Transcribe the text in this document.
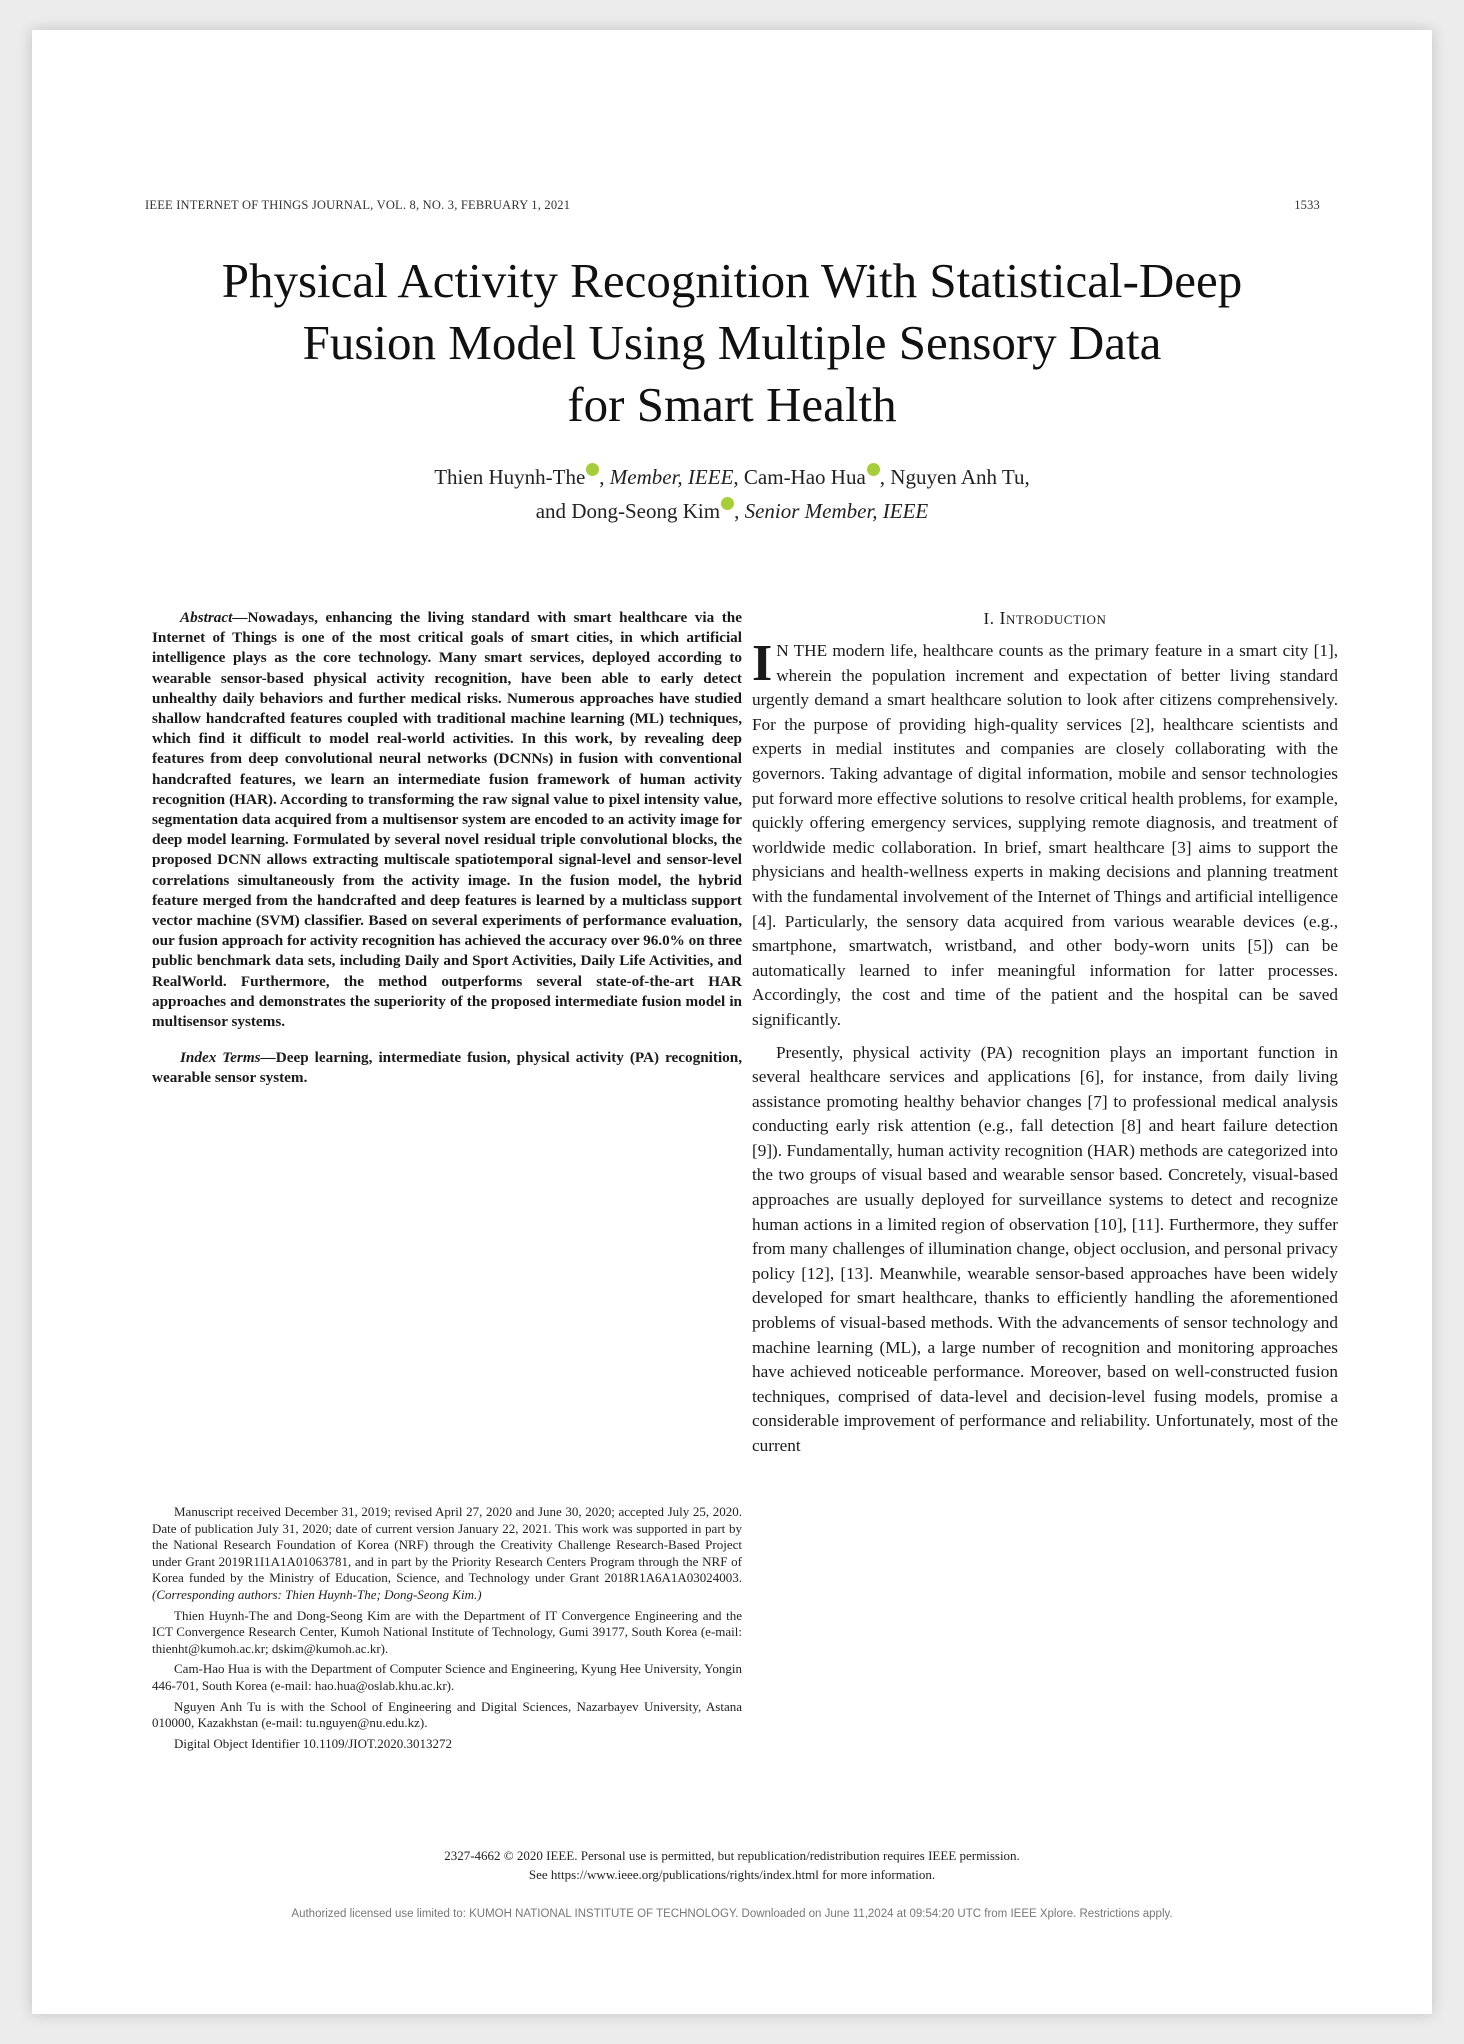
IEEE INTERNET OF THINGS JOURNAL, VOL. 8, NO. 3, FEBRUARY 1, 2021	1533
Physical Activity Recognition With Statistical-Deep
Fusion Model Using Multiple Sensory Data
for Smart Health
Thien Huynh-The , Member, IEEE, Cam-Hao Hua , Nguyen Anh Tu,
and Dong-Seong Kim , Senior Member, IEEE

Abstract—Nowadays, enhancing the living standard with smart healthcare via the Internet of Things is one of the most critical goals of smart cities, in which artificial intelligence plays as the core technology. Many smart services, deployed according to wearable sensor-based physical activity recognition, have been able to early detect unhealthy daily behaviors and further medical risks. Numerous approaches have studied shallow handcrafted features coupled with traditional machine learning (ML) techniques, which find it difficult to model real-world activities. In this work, by revealing deep features from deep convolutional neural networks (DCNNs) in fusion with conventional handcrafted features, we learn an intermediate fusion framework of human activity recognition (HAR). According to transforming the raw signal value to pixel intensity value, segmentation data acquired from a multisensor system are encoded to an activity image for deep model learning. Formulated by several novel residual triple convolutional blocks, the proposed DCNN allows extracting multiscale spatiotemporal signal-level and sensor-level correlations simultaneously from the activity image. In the fusion model, the hybrid feature merged from the handcrafted and deep features is learned by a multiclass support vector machine (SVM) classifier. Based on several experiments of performance evaluation, our fusion approach for activity recognition has achieved the accuracy over 96.0% on three public benchmark data sets, including Daily and Sport Activities, Daily Life Activities, and RealWorld. Furthermore, the method outperforms several state-of-the-art HAR approaches and demonstrates the superiority of the proposed intermediate fusion model in multisensor systems.

Index Terms—Deep learning, intermediate fusion, physical activity (PA) recognition, wearable sensor system.

Manuscript received December 31, 2019; revised April 27, 2020 and June 30, 2020; accepted July 25, 2020. Date of publication July 31, 2020; date of current version January 22, 2021. This work was supported in part by the National Research Foundation of Korea (NRF) through the Creativity Challenge Research-Based Project under Grant 2019R1I1A1A01063781, and in part by the Priority Research Centers Program through the NRF of Korea funded by the Ministry of Education, Science, and Technology under Grant 2018R1A6A1A03024003. (Corresponding authors: Thien Huynh-The; Dong-Seong Kim.)

Thien Huynh-The and Dong-Seong Kim are with the Department of IT Convergence Engineering and the ICT Convergence Research Center, Kumoh National Institute of Technology, Gumi 39177, South Korea (e-mail: thienht@kumoh.ac.kr; dskim@kumoh.ac.kr).

Cam-Hao Hua is with the Department of Computer Science and Engineering, Kyung Hee University, Yongin 446-701, South Korea (e-mail: hao.hua@oslab.khu.ac.kr).

Nguyen Anh Tu is with the School of Engineering and Digital Sciences, Nazarbayev University, Astana 010000, Kazakhstan (e-mail: tu.nguyen@nu.edu.kz).

Digital Object Identifier 10.1109/JIOT.2020.3013272

I. Introduction

I N THE modern life, healthcare counts as the primary feature in a smart city [1], wherein the population increment and expectation of better living standard urgently demand a smart healthcare solution to look after citizens comprehensively. For the purpose of providing high-quality services [2], healthcare scientists and experts in medial institutes and companies are closely collaborating with the governors. Taking advantage of digital information, mobile and sensor technologies put forward more effective solutions to resolve critical health problems, for example, quickly offering emergency services, supplying remote diagnosis, and treatment of worldwide medic collaboration. In brief, smart healthcare [3] aims to support the physicians and health-wellness experts in making decisions and planning treatment with the fundamental involvement of the Internet of Things and artificial intelligence [4]. Particularly, the sensory data acquired from various wearable devices (e.g., smartphone, smartwatch, wristband, and other body-worn units [5]) can be automatically learned to infer meaningful information for latter processes. Accordingly, the cost and time of the patient and the hospital can be saved significantly.

Presently, physical activity (PA) recognition plays an important function in several healthcare services and applications [6], for instance, from daily living assistance promoting healthy behavior changes [7] to professional medical analysis conducting early risk attention (e.g., fall detection [8] and heart failure detection [9]). Fundamentally, human activity recognition (HAR) methods are categorized into the two groups of visual based and wearable sensor based. Concretely, visual-based approaches are usually deployed for surveillance systems to detect and recognize human actions in a limited region of observation [10], [11]. Furthermore, they suffer from many challenges of illumination change, object occlusion, and personal privacy policy [12], [13]. Meanwhile, wearable sensor-based approaches have been widely developed for smart healthcare, thanks to efficiently handling the aforementioned problems of visual-based methods. With the advancements of sensor technology and machine learning (ML), a large number of recognition and monitoring approaches have achieved noticeable performance. Moreover, based on well-constructed fusion techniques, comprised of data-level and decision-level fusing models, promise a considerable improvement of performance and reliability. Unfortunately, most of the current

2327-4662 © 2020 IEEE. Personal use is permitted, but republication/redistribution requires IEEE permission.
See https://www.ieee.org/publications/rights/index.html for more information.
Authorized licensed use limited to: KUMOH NATIONAL INSTITUTE OF TECHNOLOGY. Downloaded on June 11,2024 at 09:54:20 UTC from IEEE Xplore. Restrictions apply.
